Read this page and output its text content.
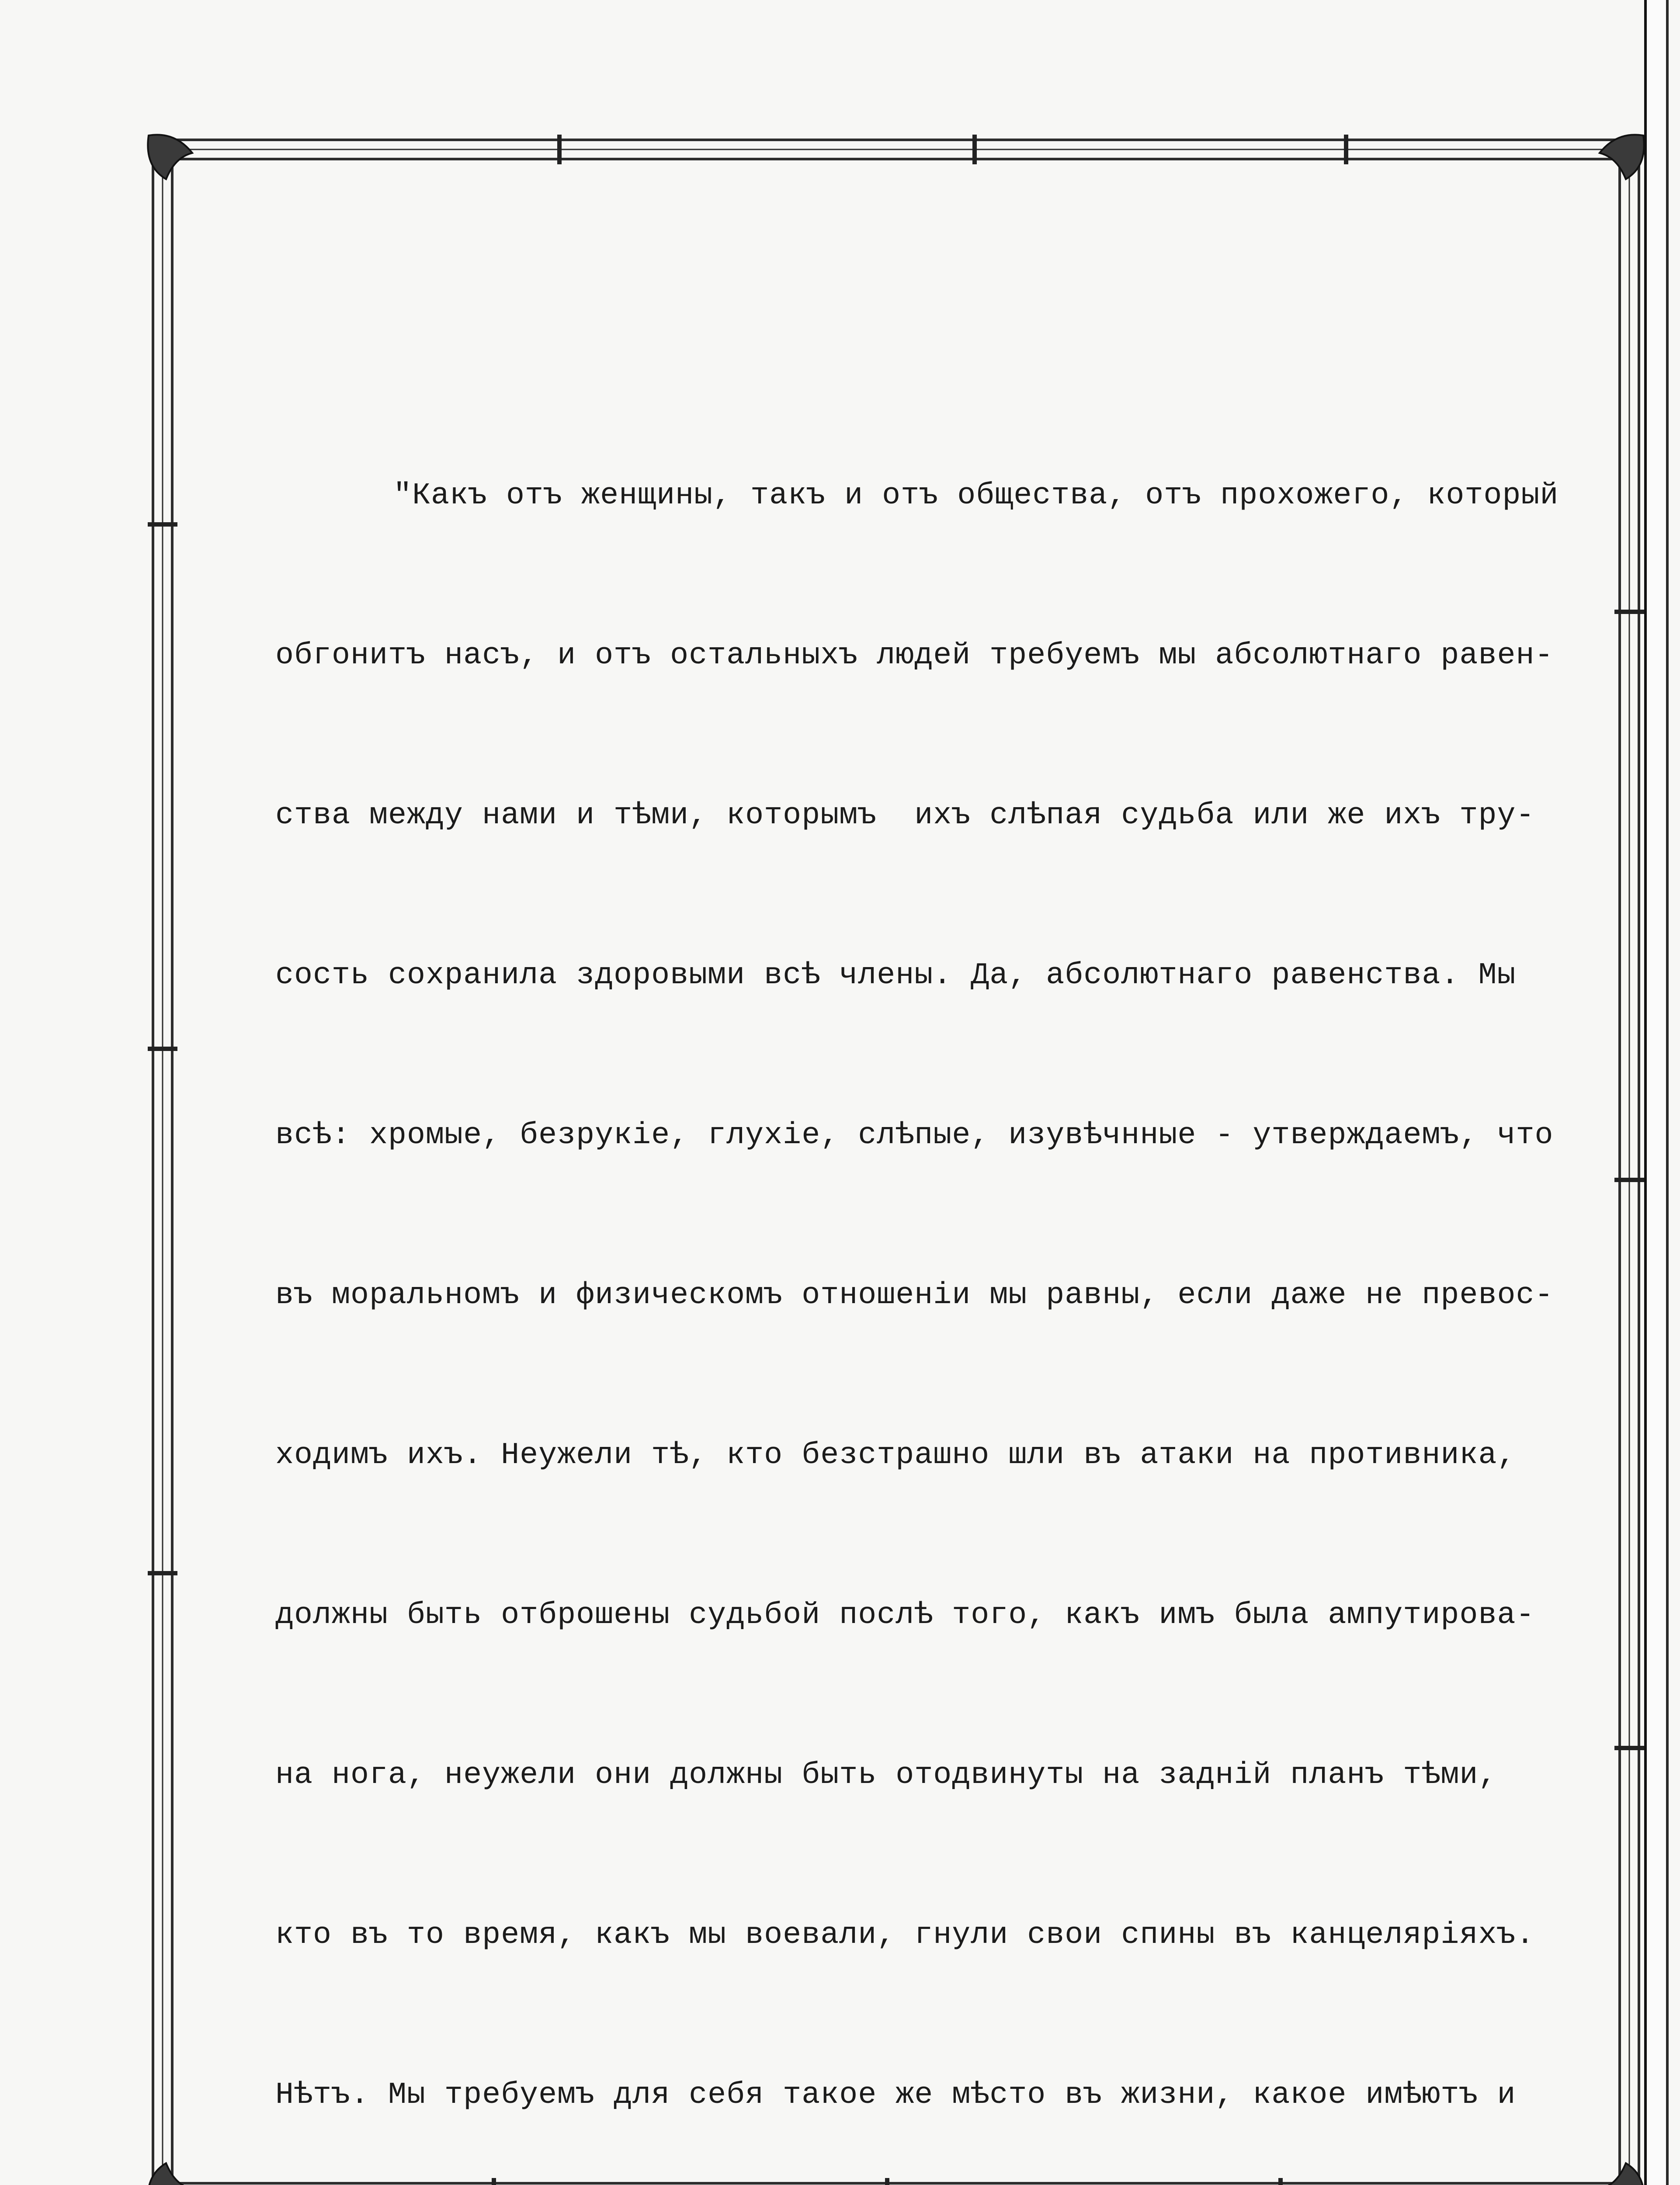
"Какъ отъ женщины, такъ и отъ общества, отъ прохожего, который

обгонитъ насъ, и отъ остальныхъ людей требуемъ мы абсолютнаго равен-

ства между нами и тѣми, которымъ  ихъ слѣпая судьба или же ихъ тру-

сость сохранила здоровыми всѣ члены. Да, абсолютнаго равенства. Мы

всѣ: хромые, безрукіе, глухіе, слѣпые, изувѣчнные - утверждаемъ, что

въ моральномъ и физическомъ отношеніи мы равны, если даже не превос-

ходимъ ихъ. Неужели тѣ, кто безстрашно шли въ атаки на противника,

должны быть отброшены судьбой послѣ того, какъ имъ была ампутирова-

на нога, неужели они должны быть отодвинуты на задній планъ тѣми,

кто въ то время, какъ мы воевали, гнули свои спины въ канцеляріяхъ.

Нѣтъ. Мы требуемъ для себя такое же мѣсто въ жизни, какое имѣютъ и
